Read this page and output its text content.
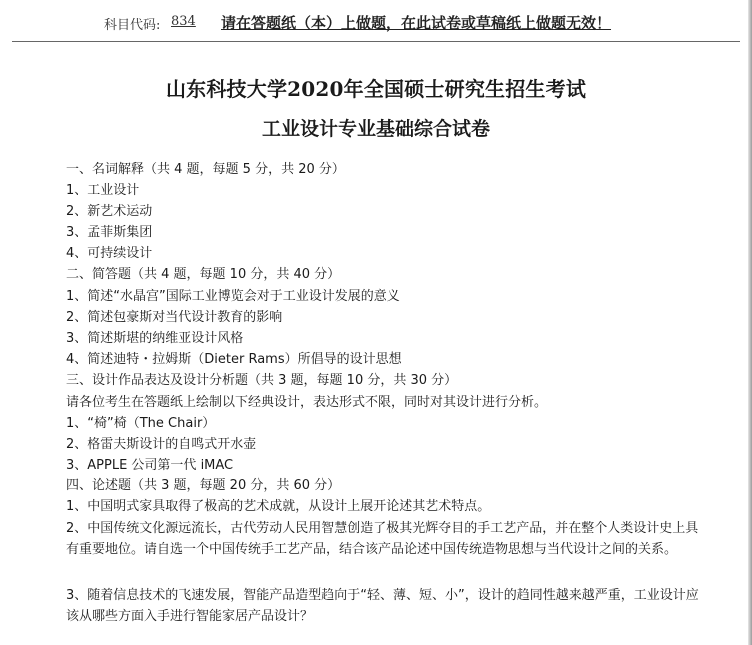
科目代码: 834 请在答题纸（本）上做题，在此试卷或草稿纸上做题无效！
山东科技大学2020年全国硕士研究生招生考试
工业设计专业基础综合试卷
一、名词解释（共 4 题，每题 5 分，共 20 分）
1、工业设计
2、新艺术运动
3、孟菲斯集团
4、可持续设计
二、简答题（共 4 题，每题 10 分，共 40 分）
1、简述“水晶宫”国际工业博览会对于工业设计发展的意义
2、简述包豪斯对当代设计教育的影响
3、简述斯堪的纳维亚设计风格
4、简述迪特・拉姆斯（Dieter Rams）所倡导的设计思想
三、设计作品表达及设计分析题（共 3 题，每题 10 分，共 30 分）
请各位考生在答题纸上绘制以下经典设计，表达形式不限，同时对其设计进行分析。
1、“椅”椅（The Chair）
2、格雷夫斯设计的自鸣式开水壶
3、APPLE 公司第一代 iMAC
四、论述题（共 3 题，每题 20 分，共 60 分）
1、中国明式家具取得了极高的艺术成就，从设计上展开论述其艺术特点。
2、中国传统文化源远流长，古代劳动人民用智慧创造了极其光辉夺目的手工艺产品，并在整个人类设计史上具有重要地位。请自选一个中国传统手工艺产品，结合该产品论述中国传统造物思想与当代设计之间的关系。
3、随着信息技术的飞速发展，智能产品造型趋向于“轻、薄、短、小”，设计的趋同性越来越严重，工业设计应该从哪些方面入手进行智能家居产品设计？
